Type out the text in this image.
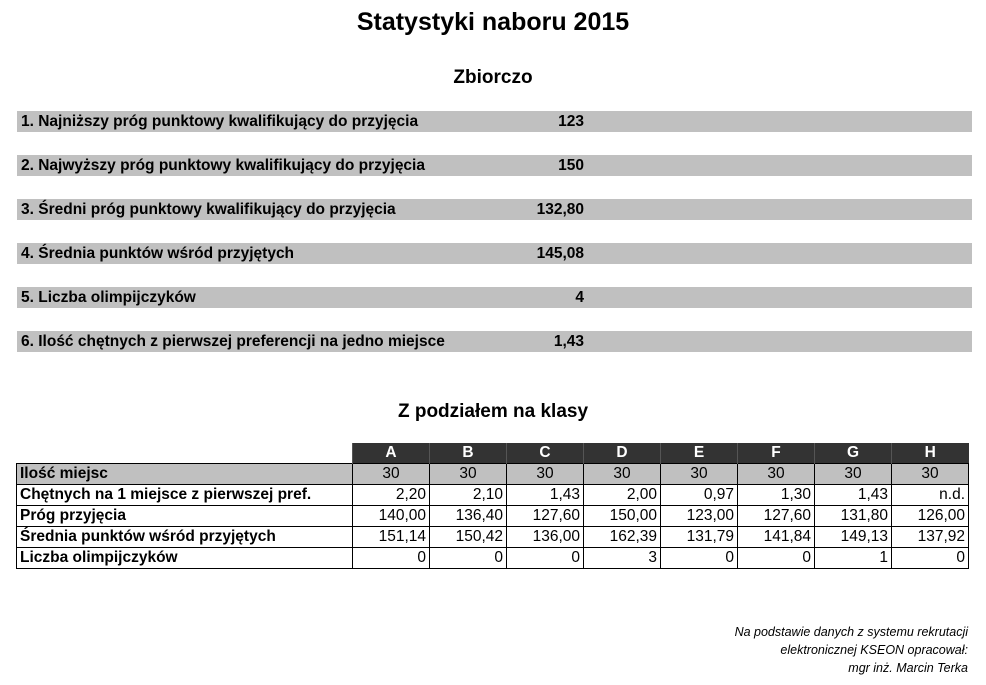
Statystyki naboru 2015
Zbiorczo
1. Najniższy próg punktowy kwalifikujący do przyjęcia	123
2. Najwyższy próg punktowy kwalifikujący do przyjęcia	150
3. Średni próg punktowy kwalifikujący do przyjęcia	132,80
4. Średnia punktów wśród przyjętych	145,08
5. Liczba olimpijczyków	4
6. Ilość chętnych z pierwszej preferencji na jedno miejsce	1,43
Z podziałem na klasy
	A	B	C	D	E	F	G	H
Ilość miejsc	30	30	30	30	30	30	30	30
Chętnych na 1 miejsce z pierwszej pref.	2,20	2,10	1,43	2,00	0,97	1,30	1,43	n.d.
Próg przyjęcia	140,00	136,40	127,60	150,00	123,00	127,60	131,80	126,00
Średnia punktów wśród przyjętych	151,14	150,42	136,00	162,39	131,79	141,84	149,13	137,92
Liczba olimpijczyków	0	0	0	3	0	0	1	0
Na podstawie danych z systemu rekrutacji
elektronicznej KSEON opracował:
mgr inż. Marcin Terka
